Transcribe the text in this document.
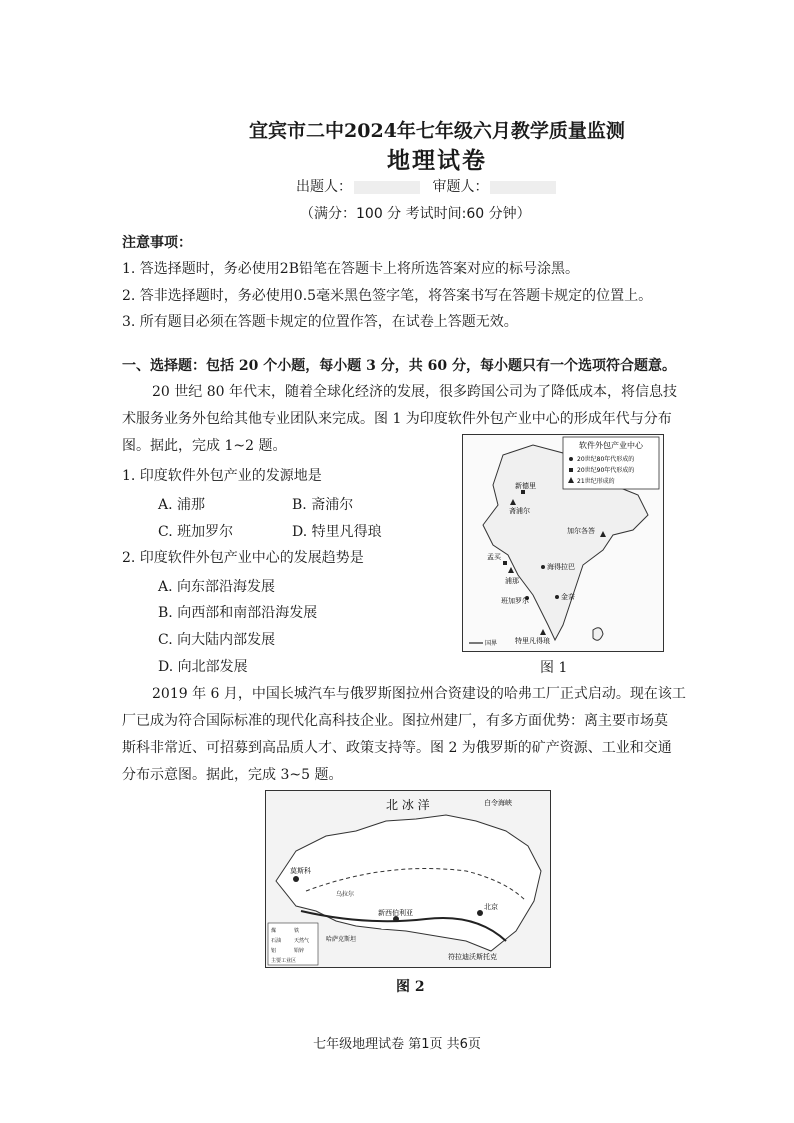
宜宾市二中2024年七年级六月教学质量监测
地理试卷
出题人：	审题人：
（满分：100 分 考试时间:60 分钟）
注意事项：
1. 答选择题时，务必使用2B铅笔在答题卡上将所选答案对应的标号涂黑。
2. 答非选择题时，务必使用0.5毫米黑色签字笔，将答案书写在答题卡规定的位置上。
3. 所有题目必须在答题卡规定的位置作答，在试卷上答题无效。
一、选择题：包括 20 个小题，每小题 3 分，共 60 分，每小题只有一个选项符合题意。
20 世纪 80 年代末，随着全球化经济的发展，很多跨国公司为了降低成本，将信息技
术服务业务外包给其他专业团队来完成。图 1 为印度软件外包产业中心的形成年代与分布
图。据此，完成 1~2 题。
1. 印度软件外包产业的发源地是
A. 浦那	B. 斋浦尔
C. 班加罗尔	D. 特里凡得琅
2. 印度软件外包产业中心的发展趋势是
A. 向东部沿海发展
B. 向西部和南部沿海发展
C. 向大陆内部发展
D. 向北部发展
软件外包产业中心
20世纪80年代形成的
20世纪90年代形成的
21世纪形成的
新德里
斋浦尔
加尔各答
孟买
浦那
海得拉巴
班加罗尔	金奈
特里凡得琅
国界
图 1
2019 年 6 月，中国长城汽车与俄罗斯图拉州合资建设的哈弗工厂正式启动。现在该工
厂已成为符合国际标准的现代化高科技企业。图拉州建厂，有多方面优势：离主要市场莫
斯科非常近、可招募到高品质人才、政策支持等。图 2 为俄罗斯的矿产资源、工业和交通
分布示意图。据此，完成 3~5 题。
北 冰 洋	白令海峡
莫斯科
新西伯利亚
北京
符拉迪沃斯托克
哈萨克斯坦
乌拉尔
煤	铁
石油	天然气
铝	铅锌
主要工业区
图 2
七年级地理试卷 第1页 共6页
